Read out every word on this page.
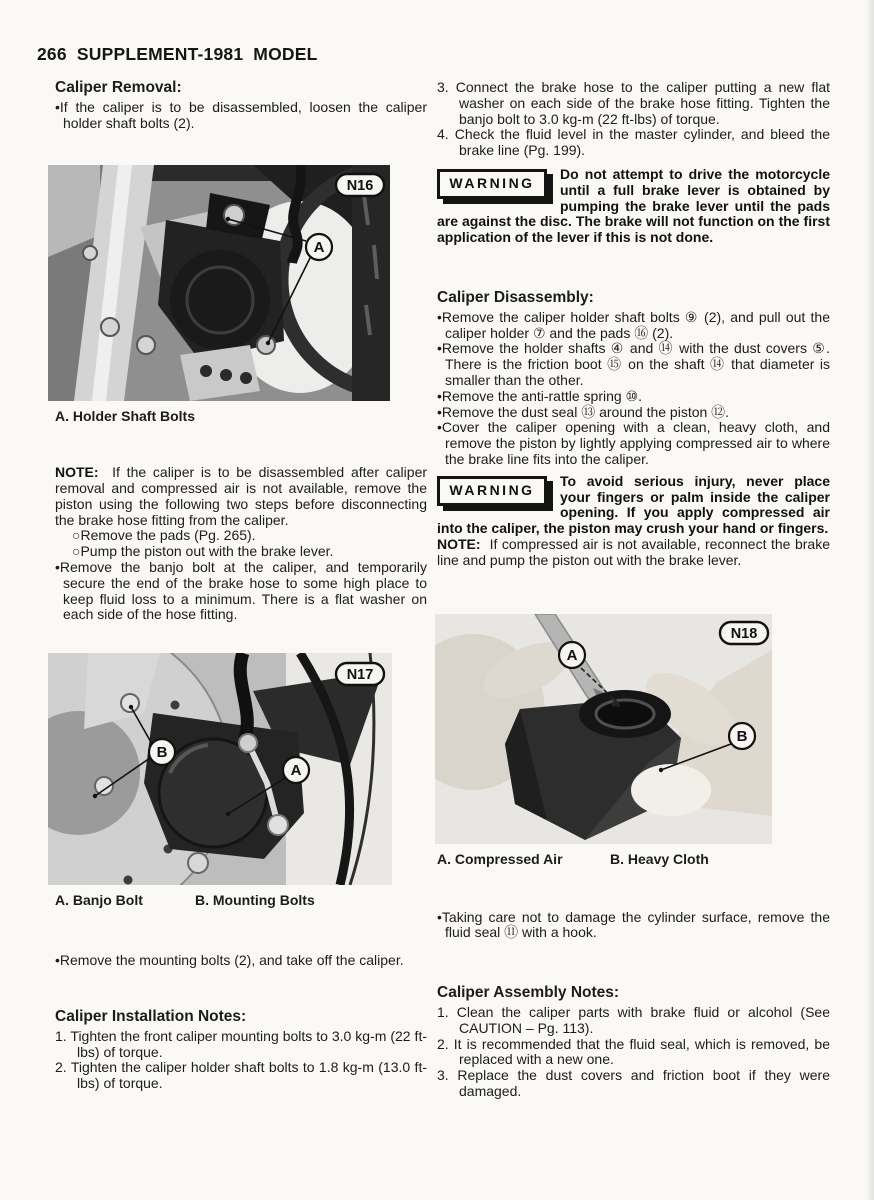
266 SUPPLEMENT-1981 MODEL

Caliper Removal:

•If the caliper is to be disassembled, loosen the caliper holder shaft bolts (2).

A
N16

A. Holder Shaft Bolts

NOTE: If the caliper is to be disassembled after caliper removal and compressed air is not available, remove the piston using the following two steps before disconnecting the brake hose fitting from the caliper.

○Remove the pads (Pg. 265).

○Pump the piston out with the brake lever.

•Remove the banjo bolt at the caliper, and temporarily secure the end of the brake hose to some high place to keep fluid loss to a minimum. There is a flat washer on each side of the hose fitting.

B
A
N17
A. Banjo Bolt	B. Mounting Bolts

•Remove the mounting bolts (2), and take off the caliper.

Caliper Installation Notes:

1. Tighten the front caliper mounting bolts to 3.0 kg-m (22 ft-lbs) of torque.

2. Tighten the caliper holder shaft bolts to 1.8 kg-m (13.0 ft-lbs) of torque.

3. Connect the brake hose to the caliper putting a new flat washer on each side of the brake hose fitting. Tighten the banjo bolt to 3.0 kg-m (22 ft-lbs) of torque.

4. Check the fluid level in the master cylinder, and bleed the brake line (Pg. 199).

WARNING

Do not attempt to drive the motorcycle until a full brake lever is obtained by pumping the brake lever until the pads are against the disc. The brake will not function on the first application of the lever if this is not done.

Caliper Disassembly:

•Remove the caliper holder shaft bolts ⑨ (2), and pull out the caliper holder ⑦ and the pads ⑯ (2).

•Remove the holder shafts ④ and ⑭ with the dust covers ⑤. There is the friction boot ⑮ on the shaft ⑭ that diameter is smaller than the other.

•Remove the anti-rattle spring ⑩.

•Remove the dust seal ⑬ around the piston ⑫.

•Cover the caliper opening with a clean, heavy cloth, and remove the piston by lightly applying compressed air to where the brake line fits into the caliper.

WARNING

To avoid serious injury, never place your fingers or palm inside the caliper opening. If you apply compressed air into the caliper, the piston may crush your hand or fingers.

NOTE: If compressed air is not available, reconnect the brake line and pump the piston out with the brake lever.

A
B
N18
A. Compressed Air	B. Heavy Cloth

•Taking care not to damage the cylinder surface, remove the fluid seal ⑪ with a hook.

Caliper Assembly Notes:

1. Clean the caliper parts with brake fluid or alcohol (See CAUTION – Pg. 113).

2. It is recommended that the fluid seal, which is removed, be replaced with a new one.

3. Replace the dust covers and friction boot if they were damaged.
